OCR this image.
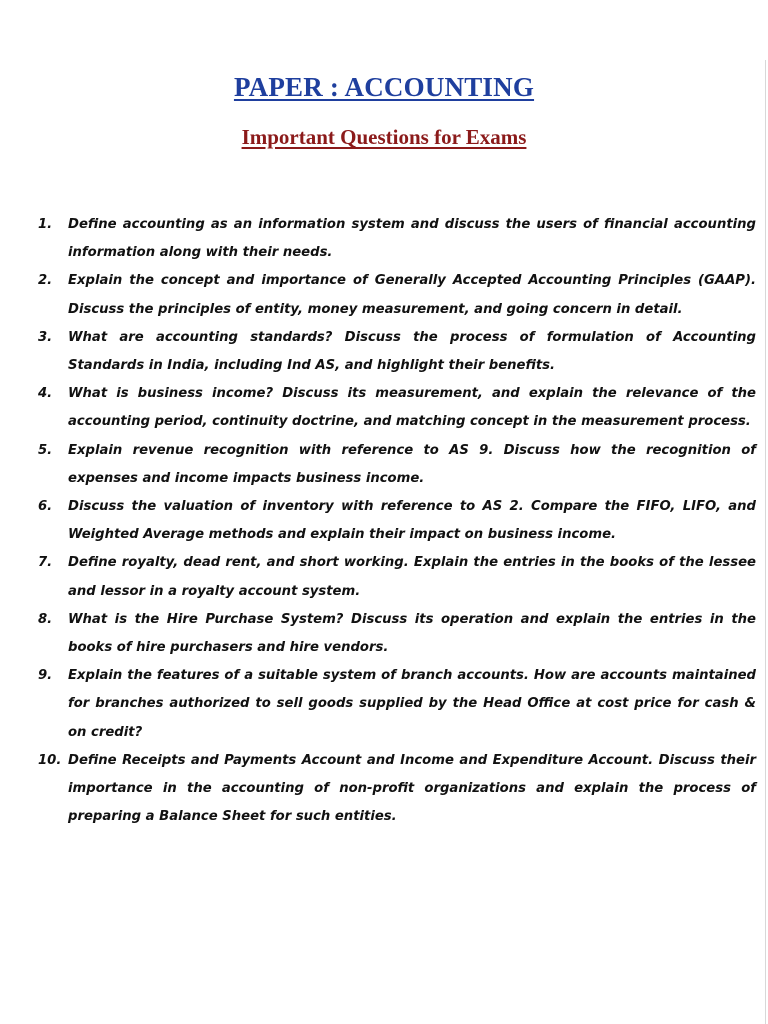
PAPER : ACCOUNTING
Important Questions for Exams
1.	Define accounting as an information system and discuss the users of financial accounting information along with their needs.
2.	Explain the concept and importance of Generally Accepted Accounting Principles (GAAP). Discuss the principles of entity, money measurement, and going concern in detail.
3.	What are accounting standards? Discuss the process of formulation of Accounting Standards in India, including Ind AS, and highlight their benefits.
4.	What is business income? Discuss its measurement, and explain the relevance of the accounting period, continuity doctrine, and matching concept in the measurement process.
5.	Explain revenue recognition with reference to AS 9. Discuss how the recognition of expenses and income impacts business income.
6.	Discuss the valuation of inventory with reference to AS 2. Compare the FIFO, LIFO, and Weighted Average methods and explain their impact on business income.
7.	Define royalty, dead rent, and short working. Explain the entries in the books of the lessee and lessor in a royalty account system.
8.	What is the Hire Purchase System? Discuss its operation and explain the entries in the books of hire purchasers and hire vendors.
9.	Explain the features of a suitable system of branch accounts. How are accounts maintained for branches authorized to sell goods supplied by the Head Office at cost price for cash & on credit?
10. Define Receipts and Payments Account and Income and Expenditure Account. Discuss their importance in the accounting of non-profit organizations and explain the process of preparing a Balance Sheet for such entities.
